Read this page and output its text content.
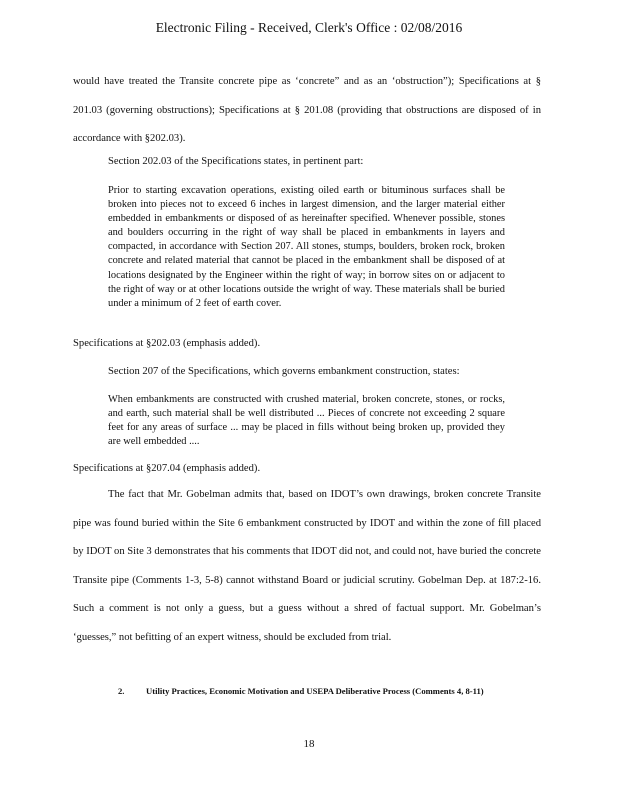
Electronic Filing - Received, Clerk's Office : 02/08/2016

would have treated the Transite concrete pipe as ‘concrete” and as an ‘obstruction”); Specifications at § 201.03 (governing obstructions); Specifications at § 201.08 (providing that obstructions are disposed of in accordance with §202.03).

Section 202.03 of the Specifications states, in pertinent part:

Prior to starting excavation operations, existing oiled earth or bituminous surfaces shall be broken into pieces not to exceed 6 inches in largest dimension, and the larger material either embedded in embankments or disposed of as hereinafter specified. Whenever possible, stones and boulders occurring in the right of way shall be placed in embankments in layers and compacted, in accordance with Section 207. All stones, stumps, boulders, broken rock, broken concrete and related material that cannot be placed in the embankment shall be disposed of at locations designated by the Engineer within the right of way; in borrow sites on or adjacent to the right of way or at other locations outside the wright of way. These materials shall be buried under a minimum of 2 feet of earth cover.

Specifications at §202.03 (emphasis added).

Section 207 of the Specifications, which governs embankment construction, states:

When embankments are constructed with crushed material, broken concrete, stones, or rocks, and earth, such material shall be well distributed ... Pieces of concrete not exceeding 2 square feet for any areas of surface ... may be placed in fills without being broken up, provided they are well embedded ....

Specifications at §207.04 (emphasis added).

The fact that Mr. Gobelman admits that, based on IDOT’s own drawings, broken concrete Transite pipe was found buried within the Site 6 embankment constructed by IDOT and within the zone of fill placed by IDOT on Site 3 demonstrates that his comments that IDOT did not, and could not, have buried the concrete Transite pipe (Comments 1-3, 5-8) cannot withstand Board or judicial scrutiny. Gobelman Dep. at 187:2-16. Such a comment is not only a guess, but a guess without a shred of factual support. Mr. Gobelman’s ‘guesses,” not befitting of an expert witness, should be excluded from trial.

2.	Utility Practices, Economic Motivation and USEPA Deliberative Process (Comments 4, 8-11)
18
